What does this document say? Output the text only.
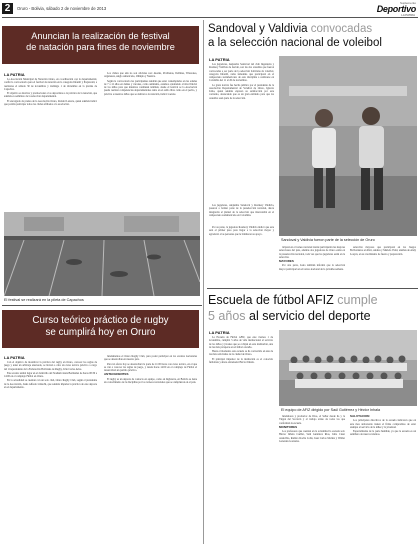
2	Oruro - Bolivia, sábado 2 de noviembre de 2013
Suplemento
Deportivo
LA PATRIA
Anuncian la realización de festival
de natación para fines de noviembre
LA PATRIA

La Asociación Municipal de Natación Oruro, en coordinación con la departamental, confió la convocatoria para el festival de natación en la categoría Infantil y Prejuvenil, a realizarse el sábado 30 de noviembre y domingo 1 de diciembre en la piscina de Capachos.

El objetivo es motivar y promocionar a los deportistas a la práctica de la natación, que además es semillero de la selección departamental.

El encargado de prensa de la Asociación Oruro, Ronald Lazarte, quien además indicó que podrán participar todos los clubes afiliados a la asociación.

Los clubes que aún no son oficiales son: Akonís, Profinatas, Delfines, Tiburones, Arganaura, Anglo Americano, Olimpia y Nautica.

Según la convocatoria los participantes tendrán que estar contemplados en las edades de 7 a 12 años en damas y varones, como asimismo, estamos orientando al nivel Inicial de los niños para que mientras continúan también, desde el festival se la Asociación pueda realizar competencias departamentales tanto en el estilo libre como en el pecho, y práctica a nuestros niños que se dedican a la natación, indicó Lazarte.

El festival se realizará en la pileta de Capachos
Curso teórico práctico de rugby
se cumplirá hoy en Oruro
LA PATRIA

Con el objetivo de incentivar la práctica del rugby en Oruro, conocer las reglas de juego y tener un arbitraje adecuado, se llevará a cabo un curso teórico práctico a cargo del vicepresidente de la Federación Boliviana de Rugby, Iván Carlos Arias.

Este evento tendrá lugar en el domicilio del Stadium Jesús Bermúdez de horas 08:30 a 14:00 en el complejo Fútbol en Oruro.

En la actualidad se cuentan con un solo club, Oruro Rugby Club, según el presidente de la Asociación, Jesús Alfredo Limachi, que además impulsa la práctica de este deporte en el departamento.

fundamentos el Oruro Rugby Club, para poder participar en los eventos nacionales que se desarrollan en nuestro país.

Para tal efecto hoy se desarrollará la parte de 11:00 horas con curso teórico, en el que se van a conocer las reglas de juego, y desde horas 14:00 en el complejo de Fútbol el desarrollará un partido práctico.

ANTECEDENTES

El rugby es un deporte de contacto en equipo, como en Inglaterra, en Bolivia se tiene un conocimiento de la disciplina por los torneos nacionales que se cumplieron en el país.

Sandoval y Valdivia convocadas
a la selección nacional de voleibol
LA PATRIA

Las jugadoras, Alejandra Sandoval del club Ingeniería y Rosmery Valdivia de Alevín, son las dos orureñas que fueron convocadas a ser parte de la selección boliviana de voleibol, categoría Infantil, rama femenina que participará en el campeonato sudamericano de esta disciplina a realizarse en Colombia del 11 al 26 de noviembre.

La grata noticia fue hecha pública por el presidente de la Asociación Departamental de Voleibol de Oruro, Ignacio Lima, quien además expresó su satisfacción por este convenio, destacando que es un gran estímulo para que los orureños sean parte de la selección.

Las jugadoras, Alejandra Sandoval y Rosmery Valdivia, pasaron a formar parte de la preselección nacional, ahora integrarán el plantel de la selección que intervendrá en el campeonato sudamericano en Colombia.

Sandoval y Valdivia fueron parte de la selección de Oruro

Por su parte, la jugadora Rosmery Valdivia indicó que este será el primer paso para llegar a la selección mayor y agradeció a las personas que le brindaron su apoyo.

ticipará en el torneo nacional donde participarán las mejores selecciones del país, además dos jugadoras de Oruro están en la preselección nacional, toda vez que las jugadoras están en la selección.

MAYORES

Por otra parte, Luna también informó que la selección mayor participará en el torneo nacional de la próxima semana.

selección mayores que participará en los Juegos Bolivarianos en Perú, Andrea y Mariela Vidal, además de Andy Loayza, en su crecimiento de fuerza y preparación.

Escuela de fútbol AFIZ cumple
5 años al servicio del deporte
LA PATRIA

La Escuela de Fútbol AFIZ, que este viernes 1 de noviembre, cumplió 5 años de vida institucional al servicio de los niños y jóvenes que se cobijan en esta institución, una de las más prósperas en el fútbol orureño.

Hasta el momento esta escuela se ha convertido en una de las más solicitadas de la ciudad de Oruro.

El principal impulsor de la institución es el conocido futbolista y ahora entrenador Héctor Inhala.

El equipo de AFIZ dirigido por Saúl Gutiérrez y Héctor Inhala

fundadores y productor de Dios, el Señor desde ha y la Virgen del Socavón y al trabajo arduo de todos los que conforman la escuela.

MONITORES

Los profesores que cuentan en la actualidad la escuela son: Héctor Inhala Cuéllar, Saúl Gutiérrez Rios, Julio César Arancibia, Ramiro Rocha Colin, Juan Carlos Molina y Wilder Gonzales Gonzales.

SALUTACIÓN

Los principales directivos de la escuela indicaron que en este mes aniversario tienen el firme compromiso de estar siempre al servicio de la niñez y la juventud.

Especialmente de la parte humilde, ya que la escuela es un semillero de nuevos talentos.
